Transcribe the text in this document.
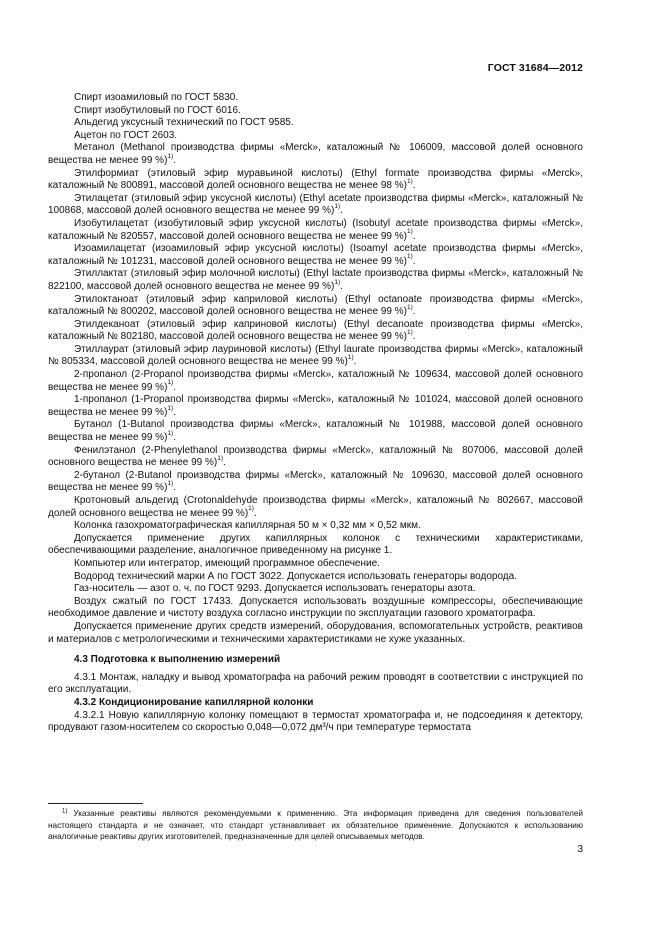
ГОСТ 31684—2012

Спирт изоамиловый по ГОСТ 5830.

Спирт изобутиловый по ГОСТ 6016.

Альдегид уксусный технический по ГОСТ 9585.

Ацетон по ГОСТ 2603.

Метанол (Methanol производства фирмы «Merck», каталожный № 106009, массовой долей основного вещества не менее 99 %)$^{1)}$.

Этилформиат (этиловый эфир муравьиной кислоты) (Ethyl formate производства фирмы «Merck», каталожный № 800891, массовой долей основного вещества не менее 98 %)$^{1)}$.

Этилацетат (этиловый эфир уксусной кислоты) (Ethyl acetate производства фирмы «Merck», каталожный № 100868, массовой долей основного вещества не менее 99 %)$^{1)}$.

Изобутилацетат (изобутиловый эфир уксусной кислоты) (Isobutyl acetate производства фирмы «Merck», каталожный № 820557, массовой долей основного вещества не менее 99 %)$^{1)}$.

Изоамилацетат (изоамиловый эфир уксусной кислоты) (Isoamyl acetate производства фирмы «Merck», каталожный № 101231, массовой долей основного вещества не менее 99 %)$^{1)}$.

Этиллактат (этиловый эфир молочной кислоты) (Ethyl lactate производства фирмы «Merck», каталожный № 822100, массовой долей основного вещества не менее 99 %)$^{1)}$.

Этилоктаноат (этиловый эфир каприловой кислоты) (Ethyl octanoate производства фирмы «Merck», каталожный № 800202, массовой долей основного вещества не менее 99 %)$^{1)}$.

Этилдеканоат (этиловый эфир каприновой кислоты) (Ethyl decanoate производства фирмы «Merck», каталожный № 802180, массовой долей основного вещества не менее 99 %)$^{1)}$.

Этиллаурат (этиловый эфир лауриновой кислоты) (Ethyl laurate производства фирмы «Merck», каталожный № 805334, массовой долей основного вещества не менее 99 %)$^{1)}$.

2-пропанол (2-Propanol производства фирмы «Merck», каталожный № 109634, массовой долей основного вещества не менее 99 %)$^{1)}$.

1-пропанол (1-Propanol производства фирмы «Merck», каталожный № 101024, массовой долей основного вещества не менее 99 %)$^{1)}$.

Бутанол (1-Butanol производства фирмы «Merck», каталожный № 101988, массовой долей основного вещества не менее 99 %)$^{1)}$.

Фенилэтанол (2-Phenylethanol производства фирмы «Merck», каталожный № 807006, массовой долей основного вещества не менее 99 %)$^{1)}$.

2-бутанол (2-Butanol производства фирмы «Merck», каталожный № 109630, массовой долей основного вещества не менее 99 %)$^{1)}$.

Кротоновый альдегид (Crotonaldehyde производства фирмы «Merck», каталожный № 802667, массовой долей основного вещества не менее 99 %)$^{1)}$.

Колонка газохроматографическая капиллярная 50 м × 0,32 мм × 0,52 мкм.

Допускается применение других капиллярных колонок с техническими характеристиками, обеспечивающими разделение, аналогичное приведенному на рисунке 1.

Компьютер или интегратор, имеющий программное обеспечение.

Водород технический марки А по ГОСТ 3022. Допускается использовать генераторы водорода.

Газ-носитель — азот о. ч. по ГОСТ 9293. Допускается использовать генераторы азота.

Воздух сжатый по ГОСТ 17433. Допускается использовать воздушные компрессоры, обеспечивающие необходимое давление и чистоту воздуха согласно инструкции по эксплуатации газового хроматографа.

Допускается применение других средств измерений, оборудования, вспомогательных устройств, реактивов и материалов с метрологическими и техническими характеристиками не хуже указанных.

4.3 Подготовка к выполнению измерений

4.3.1 Монтаж, наладку и вывод хроматографа на рабочий режим проводят в соответствии с инструкцией по его эксплуатации.

4.3.2 Кондиционирование капиллярной колонки

4.3.2.1 Новую капиллярную колонку помещают в термостат хроматографа и, не подсоединяя к детектору, продувают газом-носителем со скоростью 0,048—0,072 дм³/ч при температуре термостата

$^{1)}$ Указанные реактивы являются рекомендуемыми к применению. Эта информация приведена для сведения пользователей настоящего стандарта и не означает, что стандарт устанавливает их обязательное применение. Допускаются к использованию аналогичные реактивы других изготовителей, предназначенные для целей описываемых методов.

3
